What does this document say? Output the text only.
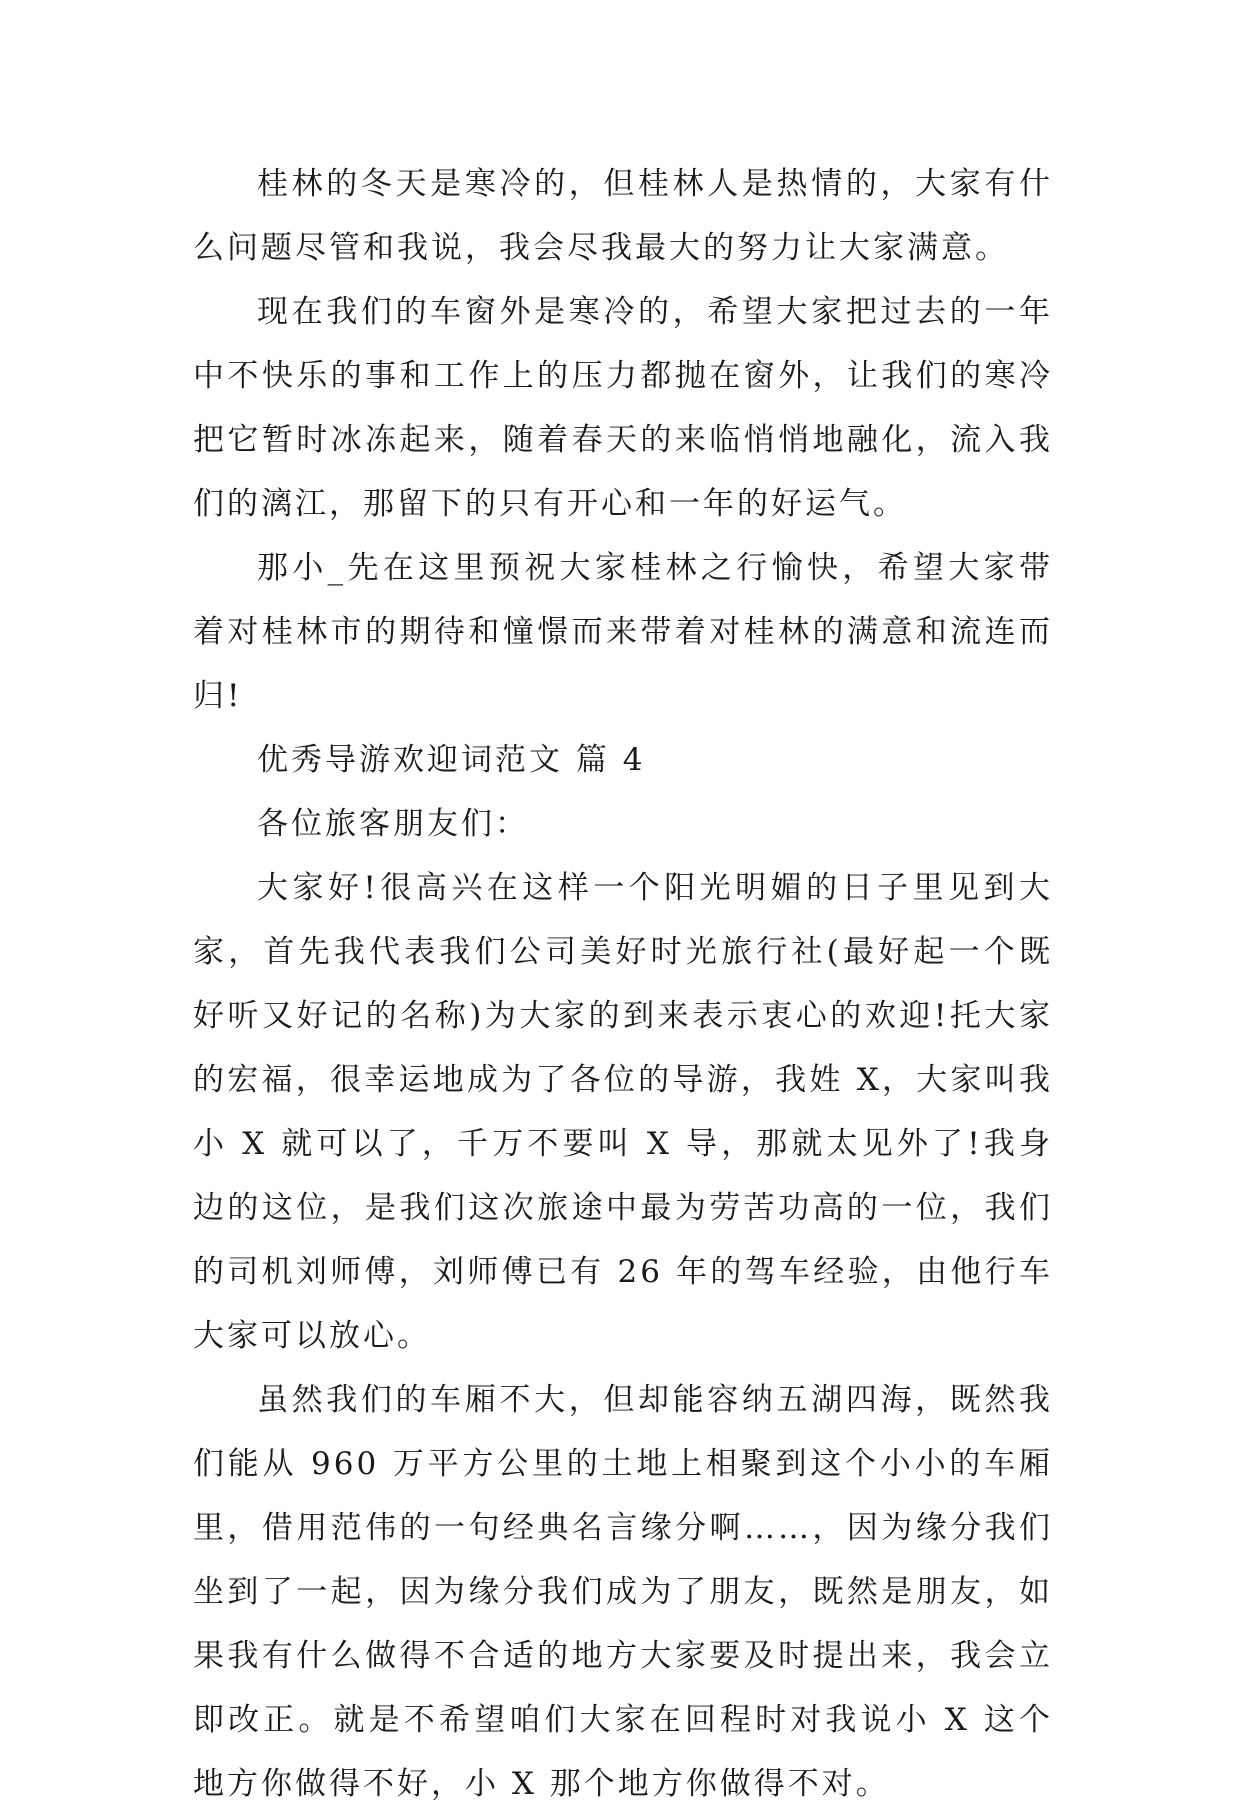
桂林的冬天是寒冷的，但桂林人是热情的，大家有什么问题尽管和我说，我会尽我最大的努力让大家满意。

现在我们的车窗外是寒冷的，希望大家把过去的一年中不快乐的事和工作上的压力都抛在窗外，让我们的寒冷把它暂时冰冻起来，随着春天的来临悄悄地融化，流入我们的漓江，那留下的只有开心和一年的好运气。

那小_先在这里预祝大家桂林之行愉快，希望大家带着对桂林市的期待和憧憬而来带着对桂林的满意和流连而归!

优秀导游欢迎词范文 篇 4

各位旅客朋友们：

大家好!很高兴在这样一个阳光明媚的日子里见到大家，首先我代表我们公司美好时光旅行社(最好起一个既好听又好记的名称)为大家的到来表示衷心的欢迎!托大家的宏福，很幸运地成为了各位的导游，我姓 X，大家叫我小 X 就可以了，千万不要叫 X 导，那就太见外了!我身边的这位，是我们这次旅途中最为劳苦功高的一位，我们的司机刘师傅，刘师傅已有 26 年的驾车经验，由他行车大家可以放心。

虽然我们的车厢不大，但却能容纳五湖四海，既然我们能从 960 万平方公里的土地上相聚到这个小小的车厢里，借用范伟的一句经典名言缘分啊……，因为缘分我们坐到了一起，因为缘分我们成为了朋友，既然是朋友，如果我有什么做得不合适的地方大家要及时提出来，我会立即改正。就是不希望咱们大家在回程时对我说小 X 这个地方你做得不好，小 X 那个地方你做得不对。
